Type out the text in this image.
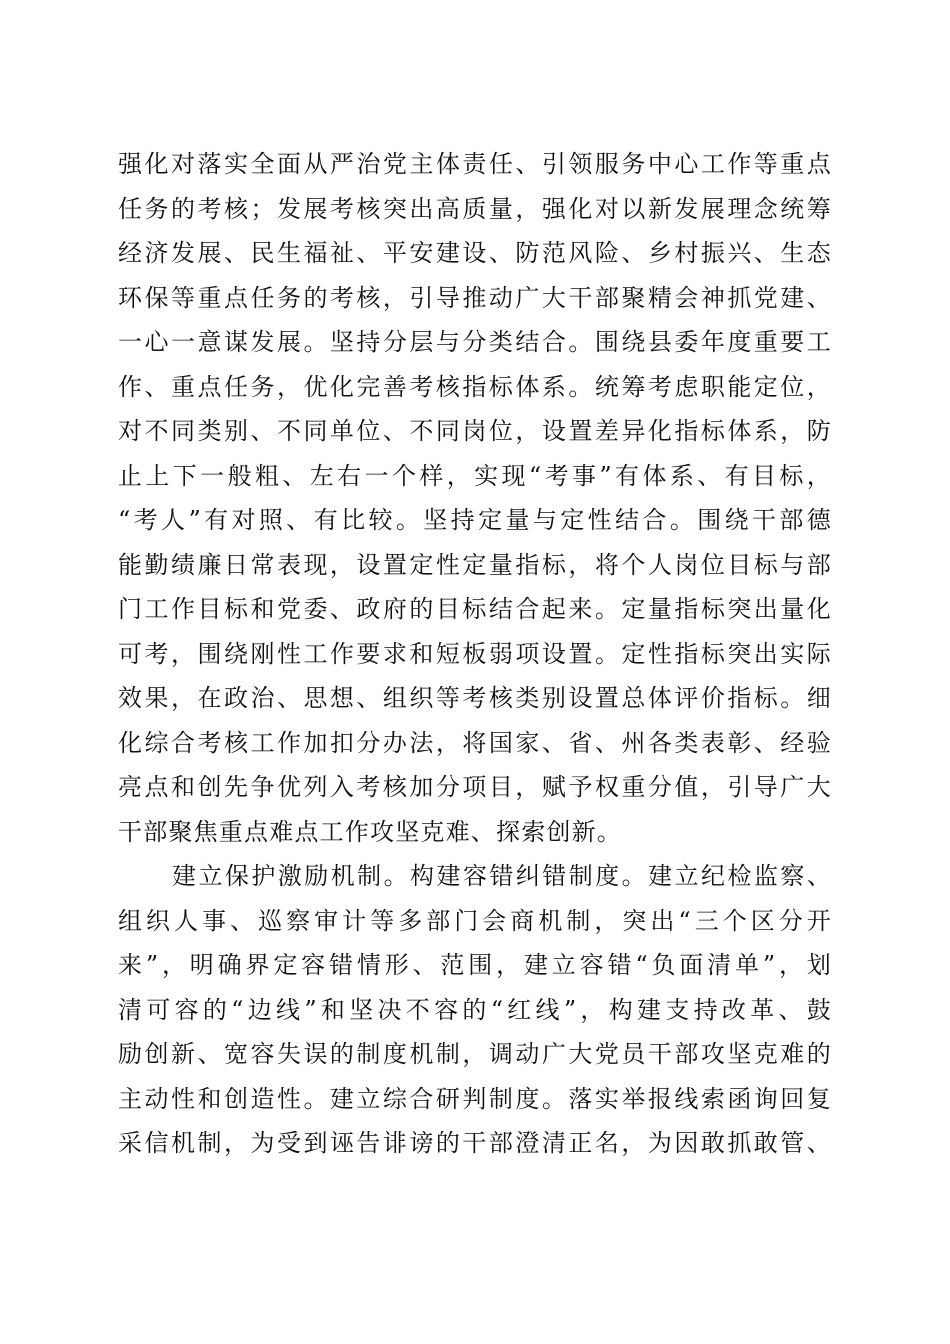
强化对落实全面从严治党主体责任、引领服务中心工作等重点
任务的考核；发展考核突出高质量，强化对以新发展理念统筹
经济发展、民生福祉、平安建设、防范风险、乡村振兴、生态
环保等重点任务的考核，引导推动广大干部聚精会神抓党建、
一心一意谋发展。坚持分层与分类结合。围绕县委年度重要工
作、重点任务，优化完善考核指标体系。统筹考虑职能定位，
对不同类别、不同单位、不同岗位，设置差异化指标体系，防
止上下一般粗、左右一个样，实现“考事”有体系、有目标，
“考人”有对照、有比较。坚持定量与定性结合。围绕干部德
能勤绩廉日常表现，设置定性定量指标，将个人岗位目标与部
门工作目标和党委、政府的目标结合起来。定量指标突出量化
可考，围绕刚性工作要求和短板弱项设置。定性指标突出实际
效果，在政治、思想、组织等考核类别设置总体评价指标。细
化综合考核工作加扣分办法，将国家、省、州各类表彰、经验
亮点和创先争优列入考核加分项目，赋予权重分值，引导广大
干部聚焦重点难点工作攻坚克难、探索创新。
建立保护激励机制。构建容错纠错制度。建立纪检监察、
组织人事、巡察审计等多部门会商机制，突出“三个区分开
来”，明确界定容错情形、范围，建立容错“负面清单”，划
清可容的“边线”和坚决不容的“红线”，构建支持改革、鼓
励创新、宽容失误的制度机制，调动广大党员干部攻坚克难的
主动性和创造性。建立综合研判制度。落实举报线索函询回复
采信机制，为受到诬告诽谤的干部澄清正名，为因敢抓敢管、
